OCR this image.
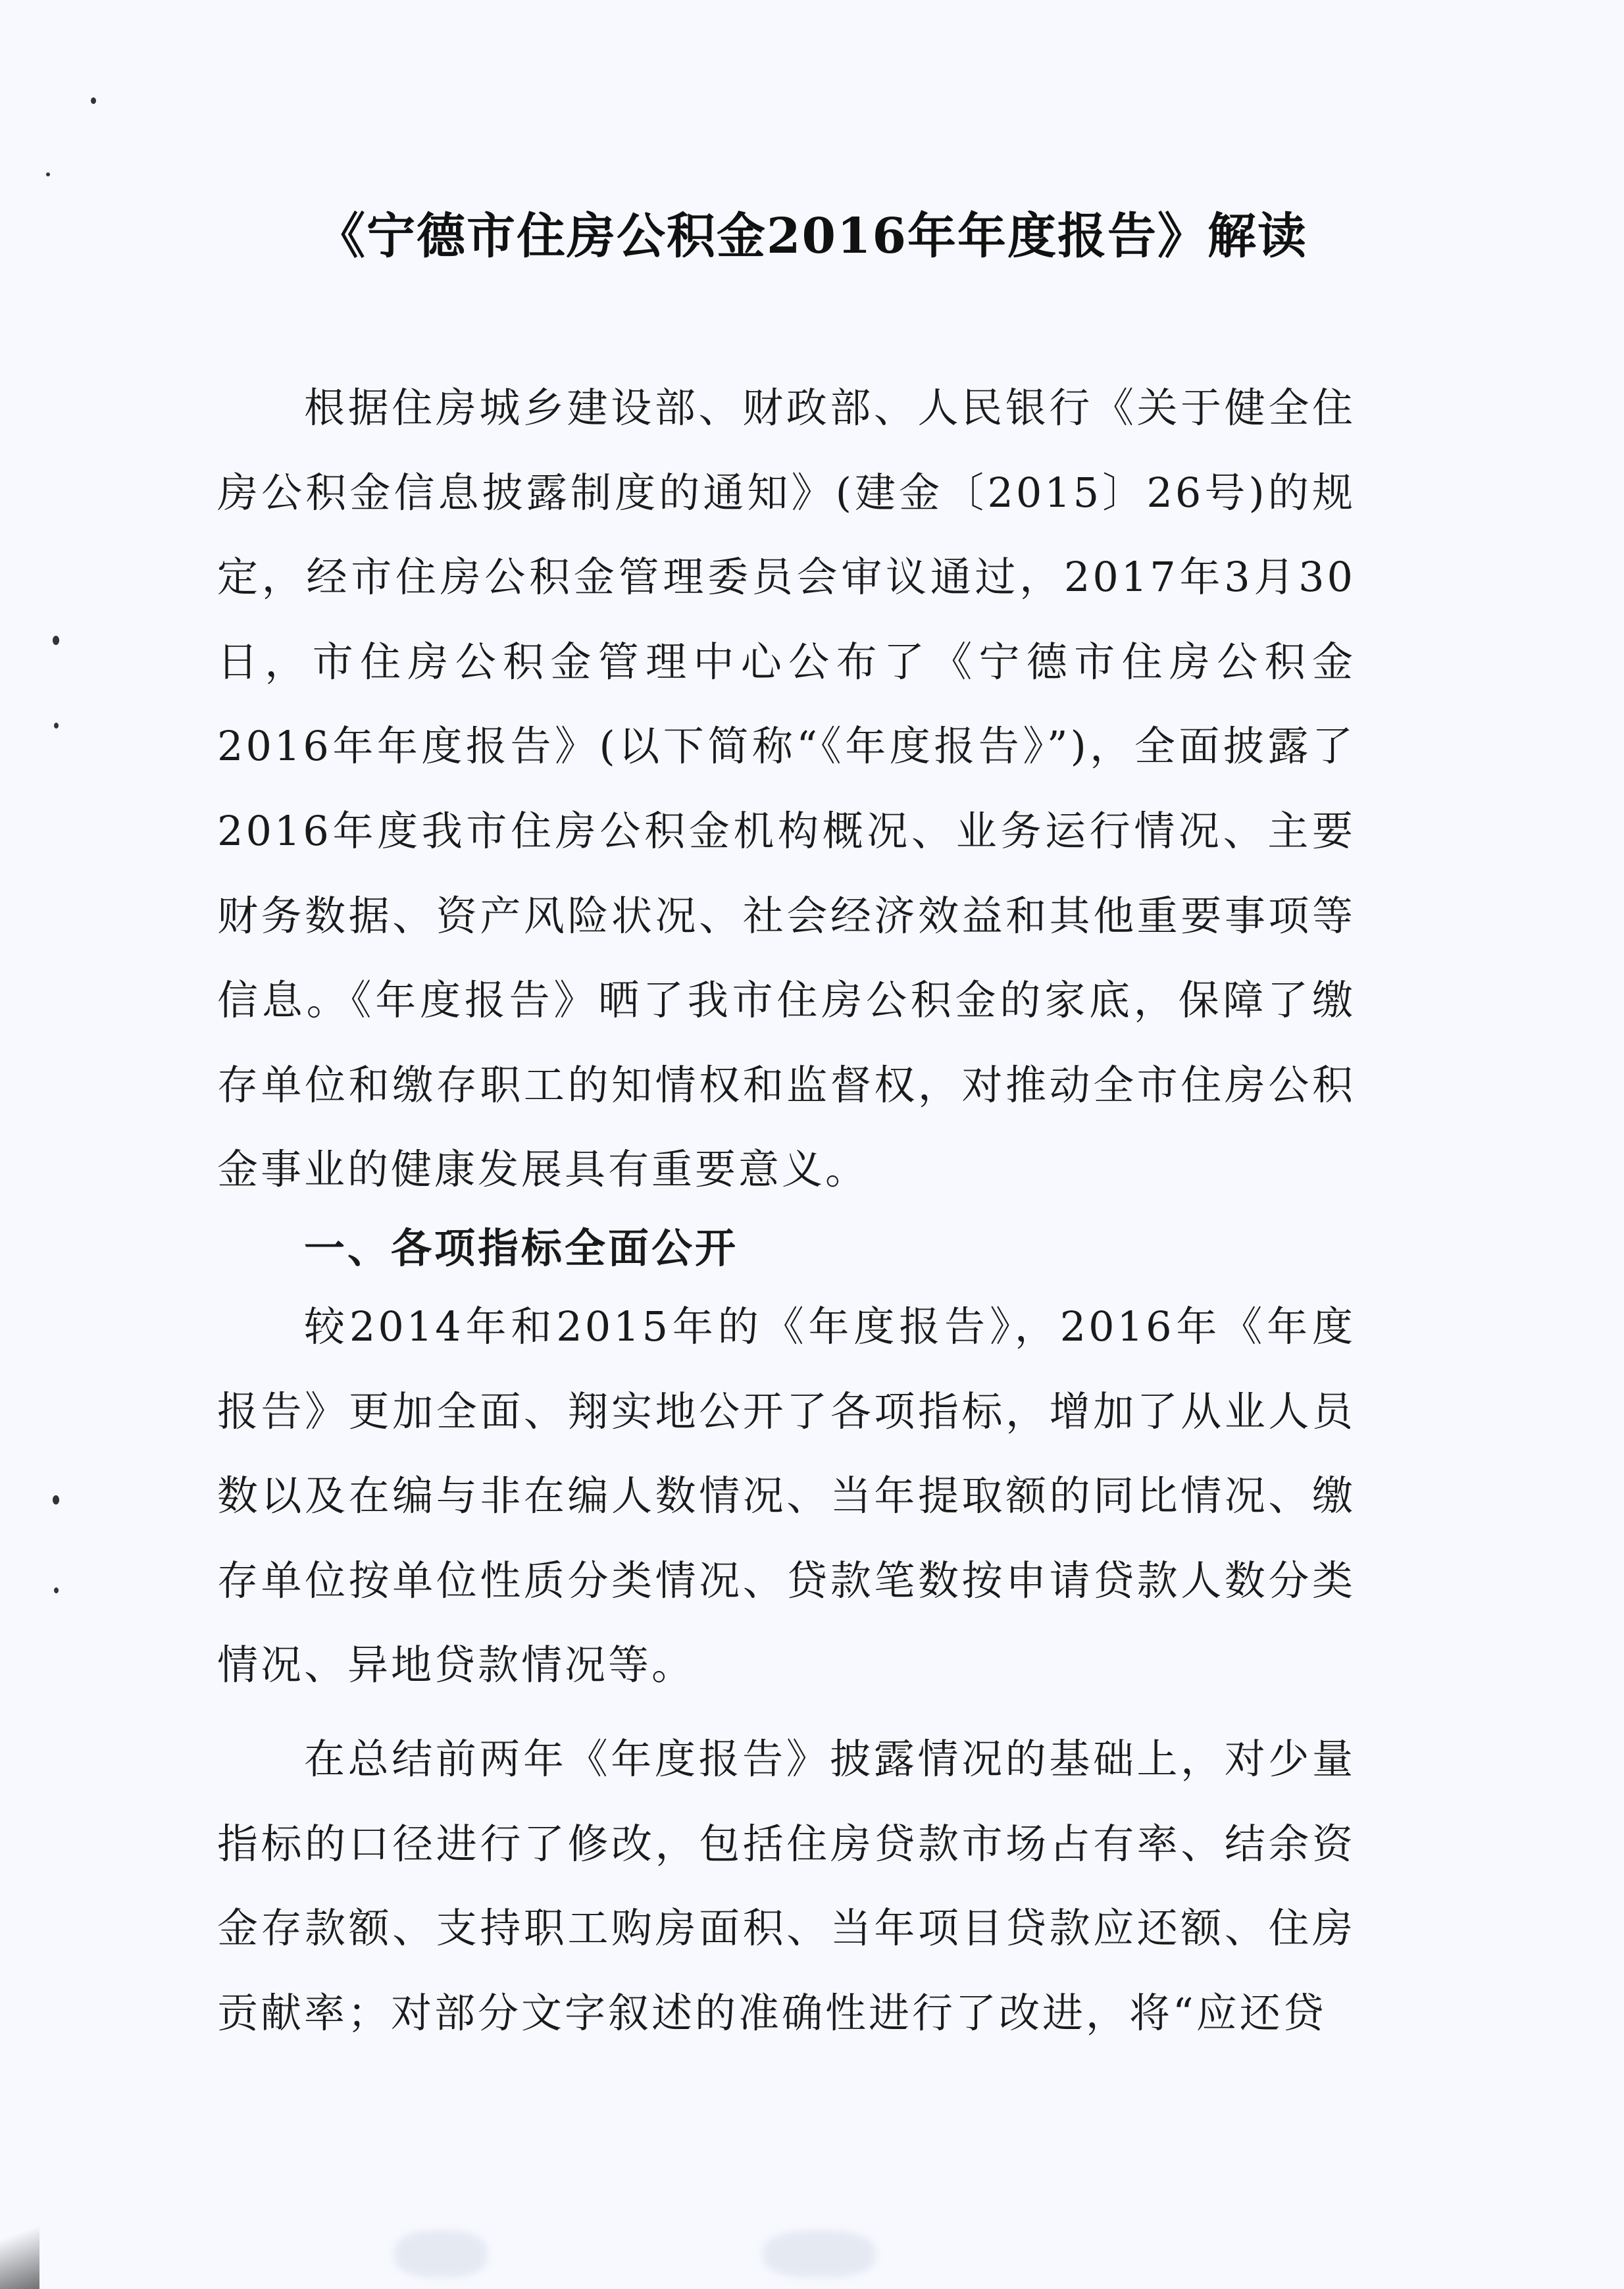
《宁德市住房公积金2016年年度报告》解读

根据住房城乡建设部、财政部、人民银行《关于健全住房公积金信息披露制度的通知》(建金〔2015〕26号)的规定，经市住房公积金管理委员会审议通过，2017年3月30日，市住房公积金管理中心公布了《宁德市住房公积金2016年年度报告》(以下简称“《年度报告》”)，全面披露了2016年度我市住房公积金机构概况、业务运行情况、主要财务数据、资产风险状况、社会经济效益和其他重要事项等信息。《年度报告》晒了我市住房公积金的家底，保障了缴存单位和缴存职工的知情权和监督权，对推动全市住房公积金事业的健康发展具有重要意义。

一、各项指标全面公开

较2014年和2015年的《年度报告》，2016年《年度报告》更加全面、翔实地公开了各项指标，增加了从业人员数以及在编与非在编人数情况、当年提取额的同比情况、缴存单位按单位性质分类情况、贷款笔数按申请贷款人数分类情况、异地贷款情况等。

在总结前两年《年度报告》披露情况的基础上，对少量指标的口径进行了修改，包括住房贷款市场占有率、结余资金存款额、支持职工购房面积、当年项目贷款应还额、住房贡献率；对部分文字叙述的准确性进行了改进，将“应还贷
